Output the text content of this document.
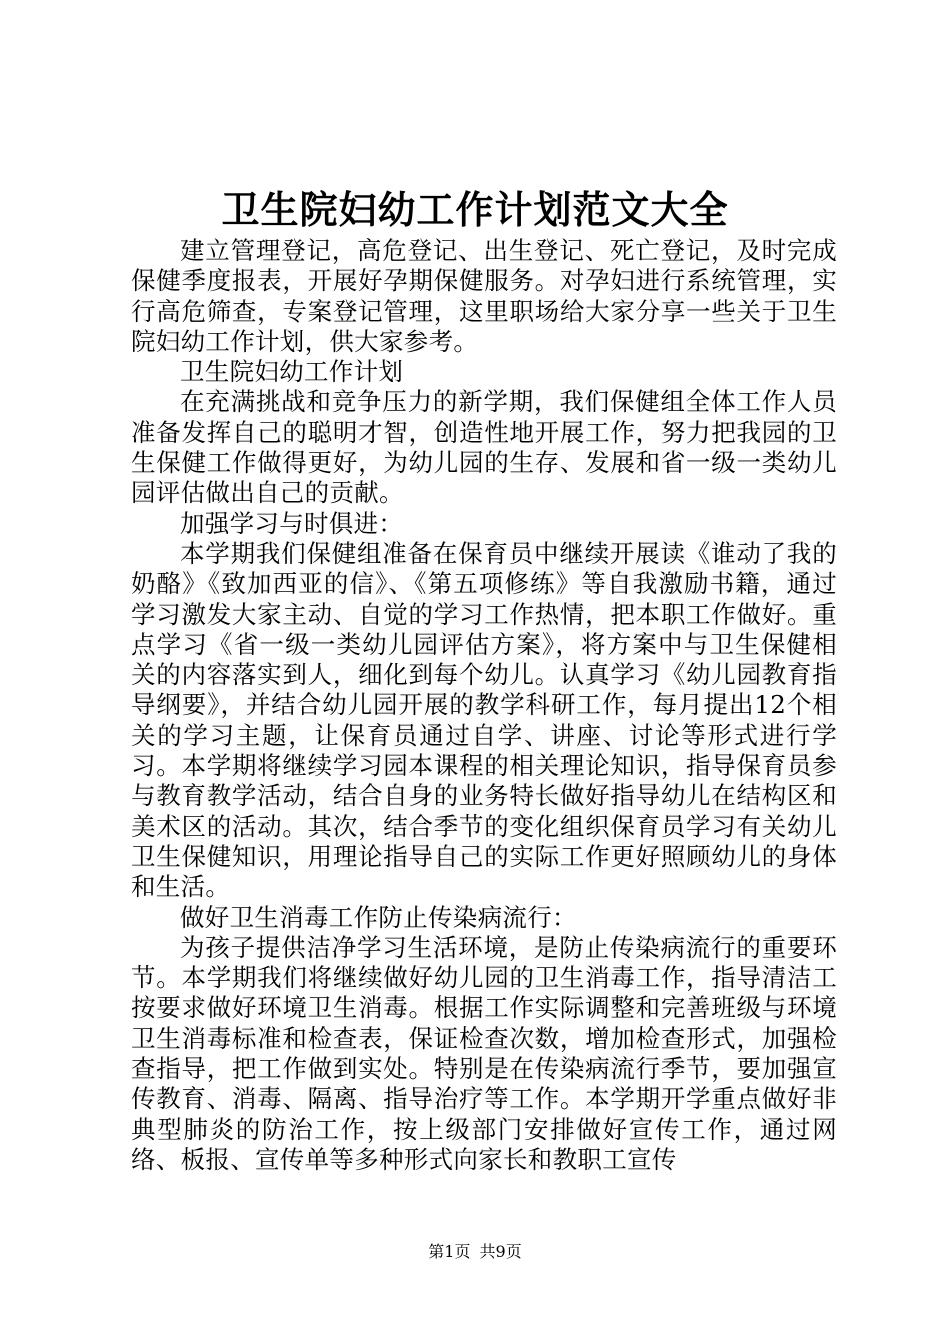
卫生院妇幼工作计划范文大全

建立管理登记，高危登记、出生登记、死亡登记，及时完成保健季度报表，开展好孕期保健服务。对孕妇进行系统管理，实行高危筛查，专案登记管理，这里职场给大家分享一些关于卫生院妇幼工作计划，供大家参考。

卫生院妇幼工作计划

在充满挑战和竞争压力的新学期，我们保健组全体工作人员准备发挥自己的聪明才智，创造性地开展工作，努力把我园的卫生保健工作做得更好，为幼儿园的生存、发展和省一级一类幼儿园评估做出自己的贡献。

加强学习与时俱进：

本学期我们保健组准备在保育员中继续开展读《谁动了我的奶酪》《致加西亚的信》、《第五项修练》等自我激励书籍，通过学习激发大家主动、自觉的学习工作热情，把本职工作做好。重点学习《省一级一类幼儿园评估方案》，将方案中与卫生保健相关的内容落实到人，细化到每个幼儿。认真学习《幼儿园教育指导纲要》，并结合幼儿园开展的教学科研工作，每月提出12个相关的学习主题，让保育员通过自学、讲座、讨论等形式进行学习。本学期将继续学习园本课程的相关理论知识，指导保育员参与教育教学活动，结合自身的业务特长做好指导幼儿在结构区和美术区的活动。其次，结合季节的变化组织保育员学习有关幼儿卫生保健知识，用理论指导自己的实际工作更好照顾幼儿的身体和生活。

做好卫生消毒工作防止传染病流行：

为孩子提供洁净学习生活环境，是防止传染病流行的重要环节。本学期我们将继续做好幼儿园的卫生消毒工作，指导清洁工按要求做好环境卫生消毒。根据工作实际调整和完善班级与环境卫生消毒标准和检查表，保证检查次数，增加检查形式，加强检查指导，把工作做到实处。特别是在传染病流行季节，要加强宣传教育、消毒、隔离、指导治疗等工作。本学期开学重点做好非典型肺炎的防治工作，按上级部门安排做好宣传工作，通过网络、板报、宣传单等多种形式向家长和教职工宣传

第1页 共9页
